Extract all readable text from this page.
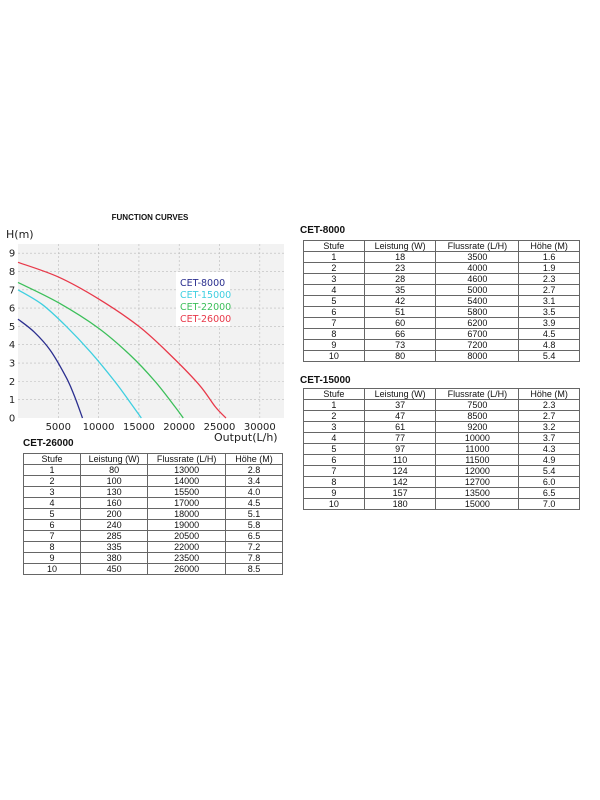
FUNCTION CURVES
H(m)
Output(L/h)
5000 10000 15000 20000 25000 30000
0
1
2
3
4
5
6
7
8
9
CET-8000
CET-15000
CET-22000
CET-26000
CET-8000
Stufe	Leistung (W)	Flussrate (L/H)	Höhe (M)
1	18	3500	1.6
2	23	4000	1.9
3	28	4600	2.3
4	35	5000	2.7
5	42	5400	3.1
6	51	5800	3.5
7	60	6200	3.9
8	66	6700	4.5
9	73	7200	4.8
10	80	8000	5.4
CET-15000
Stufe	Leistung (W)	Flussrate (L/H)	Höhe (M)
1	37	7500	2.3
2	47	8500	2.7
3	61	9200	3.2
4	77	10000	3.7
5	97	11000	4.3
6	110	11500	4.9
7	124	12000	5.4
8	142	12700	6.0
9	157	13500	6.5
10	180	15000	7.0
CET-26000
Stufe	Leistung (W)	Flussrate (L/H)	Höhe (M)
1	80	13000	2.8
2	100	14000	3.4
3	130	15500	4.0
4	160	17000	4.5
5	200	18000	5.1
6	240	19000	5.8
7	285	20500	6.5
8	335	22000	7.2
9	380	23500	7.8
10	450	26000	8.5
